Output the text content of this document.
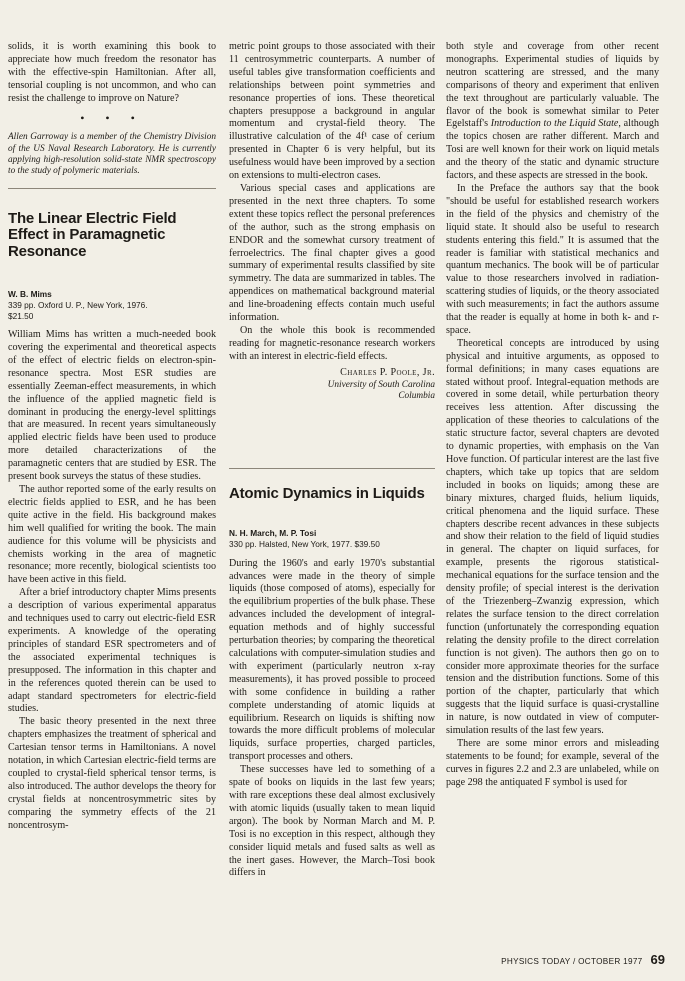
solids, it is worth examining this book to appreciate how much freedom the resonator has with the effective-spin Hamiltonian. After all, tensorial coupling is not uncommon, and who can resist the challenge to improve on Nature?

• • •

Allen Garroway is a member of the Chemistry Division of the US Naval Research Laboratory. He is currently applying high-resolution solid-state NMR spectroscopy to the study of polymeric materials.

The Linear Electric Field Effect in Paramagnetic Resonance

W. B. Mims

339 pp. Oxford U. P., New York, 1976.

$21.50

William Mims has written a much-needed book covering the experimental and theoretical aspects of the effect of electric fields on electron-spin-resonance spectra. Most ESR studies are essentially Zeeman-effect measurements, in which the influence of the applied magnetic field is dominant in producing the energy-level splittings that are measured. In recent years simultaneously applied electric fields have been used to produce more detailed characterizations of the paramagnetic centers that are studied by ESR. The present book surveys the status of these studies.

The author reported some of the early results on electric fields applied to ESR, and he has been quite active in the field. His background makes him well qualified for writing the book. The main audience for this volume will be physicists and chemists working in the area of magnetic resonance; more recently, biological scientists too have been active in this field.

After a brief introductory chapter Mims presents a description of various experimental apparatus and techniques used to carry out electric-field ESR experiments. A knowledge of the operating principles of standard ESR spectrometers and of the associated experimental techniques is presupposed. The information in this chapter and in the references quoted therein can be used to adapt standard spectrometers for electric-field studies.

The basic theory presented in the next three chapters emphasizes the treatment of spherical and Cartesian tensor terms in Hamiltonians. A novel notation, in which Cartesian electric-field terms are coupled to crystal-field spherical tensor terms, is also introduced. The author develops the theory for crystal fields at noncentrosymmetric sites by comparing the symmetry effects of the 21 noncentrosym-

metric point groups to those associated with their 11 centrosymmetric counterparts. A number of useful tables give transformation coefficients and relationships between point symmetries and resonance properties of ions. These theoretical chapters presuppose a background in angular momentum and crystal-field theory. The illustrative calculation of the 4f¹ case of cerium presented in Chapter 6 is very helpful, but its usefulness would have been improved by a section on extensions to multi-electron cases.

Various special cases and applications are presented in the next three chapters. To some extent these topics reflect the personal preferences of the author, such as the strong emphasis on ENDOR and the somewhat cursory treatment of ferroelectrics. The final chapter gives a good summary of experimental results classified by site symmetry. The data are summarized in tables. The appendices on mathematical background material and line-broadening effects contain much useful information.

On the whole this book is recommended reading for magnetic-resonance research workers with an interest in electric-field effects.

Charles P. Poole, Jr.

University of South Carolina

Columbia

Atomic Dynamics in Liquids

N. H. March, M. P. Tosi

330 pp. Halsted, New York, 1977. $39.50

During the 1960's and early 1970's substantial advances were made in the theory of simple liquids (those composed of atoms), especially for the equilibrium properties of the bulk phase. These advances included the development of integral-equation methods and of highly successful perturbation theories; by comparing the theoretical calculations with computer-simulation studies and with experiment (particularly neutron x-ray measurements), it has proved possible to proceed with some confidence in building a rather complete understanding of atomic liquids at equilibrium. Research on liquids is shifting now towards the more difficult problems of molecular liquids, surface properties, charged particles, transport processes and others.

These successes have led to something of a spate of books on liquids in the last few years; with rare exceptions these deal almost exclusively with atomic liquids (usually taken to mean liquid argon). The book by Norman March and M. P. Tosi is no exception in this respect, although they consider liquid metals and fused salts as well as the inert gases. However, the March–Tosi book differs in

both style and coverage from other recent monographs. Experimental studies of liquids by neutron scattering are stressed, and the many comparisons of theory and experiment that enliven the text throughout are particularly valuable. The flavor of the book is somewhat similar to Peter Egelstaff's Introduction to the Liquid State, although the topics chosen are rather different. March and Tosi are well known for their work on liquid metals and the theory of the static and dynamic structure factors, and these aspects are stressed in the book.

In the Preface the authors say that the book "should be useful for established research workers in the field of the physics and chemistry of the liquid state. It should also be useful to research students entering this field." It is assumed that the reader is familiar with statistical mechanics and quantum mechanics. The book will be of particular value to those researchers involved in radiation-scattering studies of liquids, or the theory associated with such measurements; in fact the authors assume that the reader is equally at home in both k- and r-space.

Theoretical concepts are introduced by using physical and intuitive arguments, as opposed to formal definitions; in many cases equations are stated without proof. Integral-equation methods are covered in some detail, while perturbation theory receives less attention. After discussing the application of these theories to calculations of the static structure factor, several chapters are devoted to dynamic properties, with emphasis on the Van Hove function. Of particular interest are the last five chapters, which take up topics that are seldom included in books on liquids; among these are binary mixtures, charged fluids, helium liquids, critical phenomena and the liquid surface. These chapters describe recent advances in these subjects and show their relation to the field of liquid studies in general. The chapter on liquid surfaces, for example, presents the rigorous statistical-mechanical equations for the surface tension and the density profile; of special interest is the derivation of the Triezenberg–Zwanzig expression, which relates the surface tension to the direct correlation function (unfortunately the corresponding equation relating the density profile to the direct correlation function is not given). The authors then go on to consider more approximate theories for the surface tension and the distribution functions. Some of this portion of the chapter, particularly that which suggests that the liquid surface is quasi-crystalline in nature, is now outdated in view of computer-simulation results of the last few years.

There are some minor errors and misleading statements to be found; for example, several of the curves in figures 2.2 and 2.3 are unlabeled, while on page 298 the antiquated F symbol is used for

PHYSICS TODAY / OCTOBER 1977 69
